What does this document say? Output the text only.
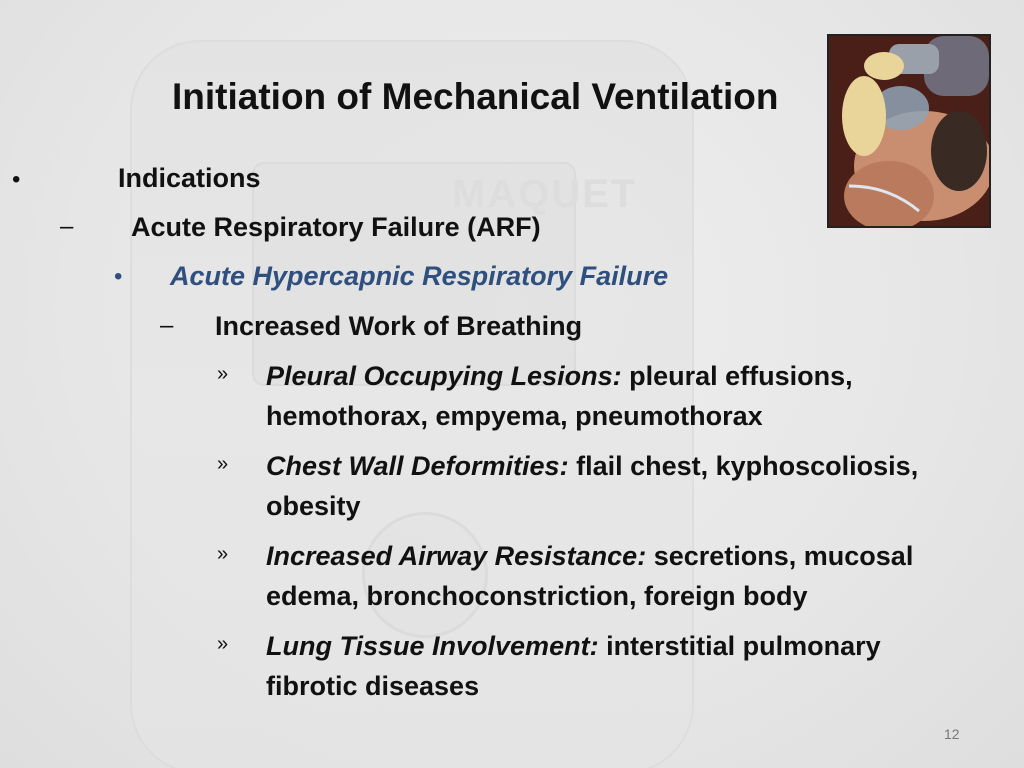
MAQUET
Initiation of Mechanical Ventilation
•	Indications
– Acute Respiratory Failure (ARF)
• Acute Hypercapnic Respiratory Failure
– Increased Work of Breathing
» Pleural Occupying Lesions: pleural effusions,
hemothorax, empyema, pneumothorax
» Chest Wall Deformities: flail chest, kyphoscoliosis,
obesity
» Increased Airway Resistance: secretions, mucosal
edema, bronchoconstriction, foreign body
» Lung Tissue Involvement: interstitial pulmonary
fibrotic diseases
12
